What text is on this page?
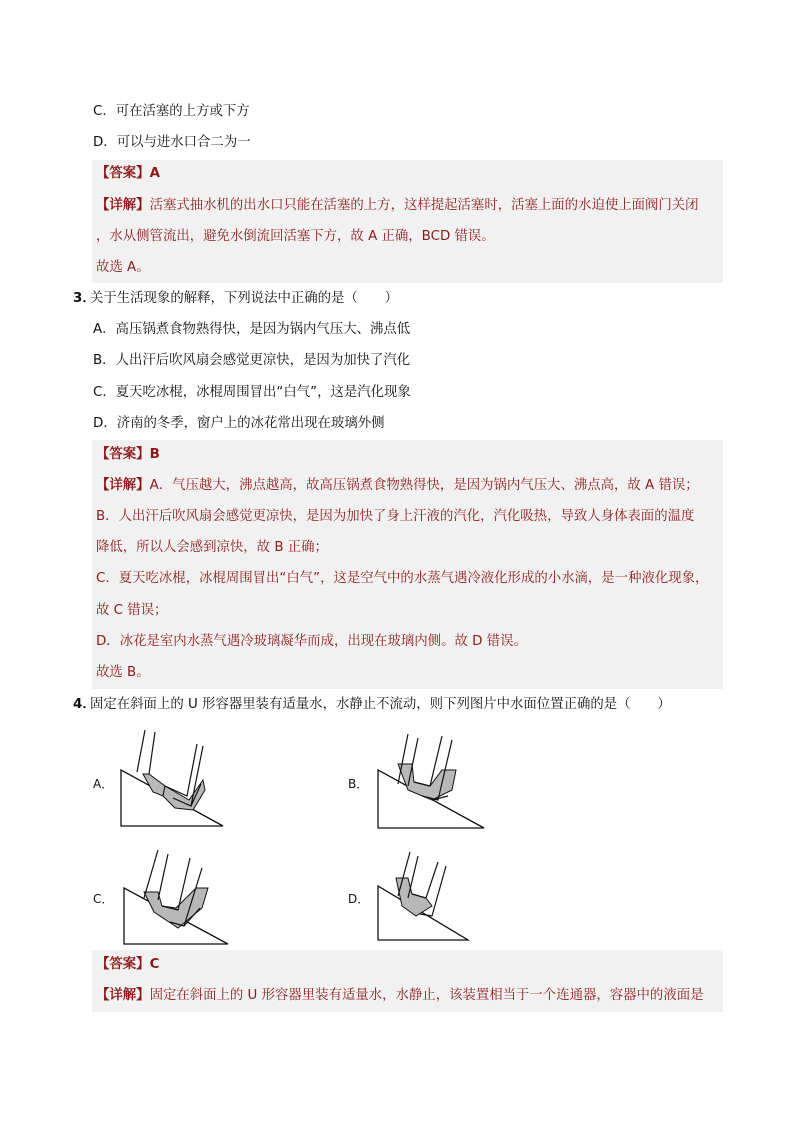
C．可在活塞的上方或下方
D．可以与进水口合二为一
【答案】A
【详解】活塞式抽水机的出水口只能在活塞的上方，这样提起活塞时，活塞上面的水迫使上面阀门关闭
，水从侧管流出，避免水倒流回活塞下方，故 A 正确，BCD 错误。
故选 A。
3．
关于生活现象的解释，下列说法中正确的是（　　）
A．高压锅煮食物熟得快，是因为锅内气压大、沸点低
B．人出汗后吹风扇会感觉更凉快，是因为加快了汽化
C．夏天吃冰棍，冰棍周围冒出“白气”，这是汽化现象
D．济南的冬季，窗户上的冰花常出现在玻璃外侧
【答案】B
【详解】A．气压越大，沸点越高，故高压锅煮食物熟得快，是因为锅内气压大、沸点高，故 A 错误；
B．人出汗后吹风扇会感觉更凉快，是因为加快了身上汗液的汽化，汽化吸热，导致人身体表面的温度
降低，所以人会感到凉快，故 B 正确；
C．夏天吃冰棍，冰棍周围冒出“白气”，这是空气中的水蒸气遇冷液化形成的小水滴，是一种液化现象，
故 C 错误；
D．冰花是室内水蒸气遇冷玻璃凝华而成，出现在玻璃内侧。故 D 错误。
故选 B。
4．
固定在斜面上的 U 形容器里装有适量水，水静止不流动，则下列图片中水面位置正确的是（　　）
A．	B．
C．	D．
【答案】C
【详解】固定在斜面上的 U 形容器里装有适量水，水静止，该装置相当于一个连通器，容器中的液面是
